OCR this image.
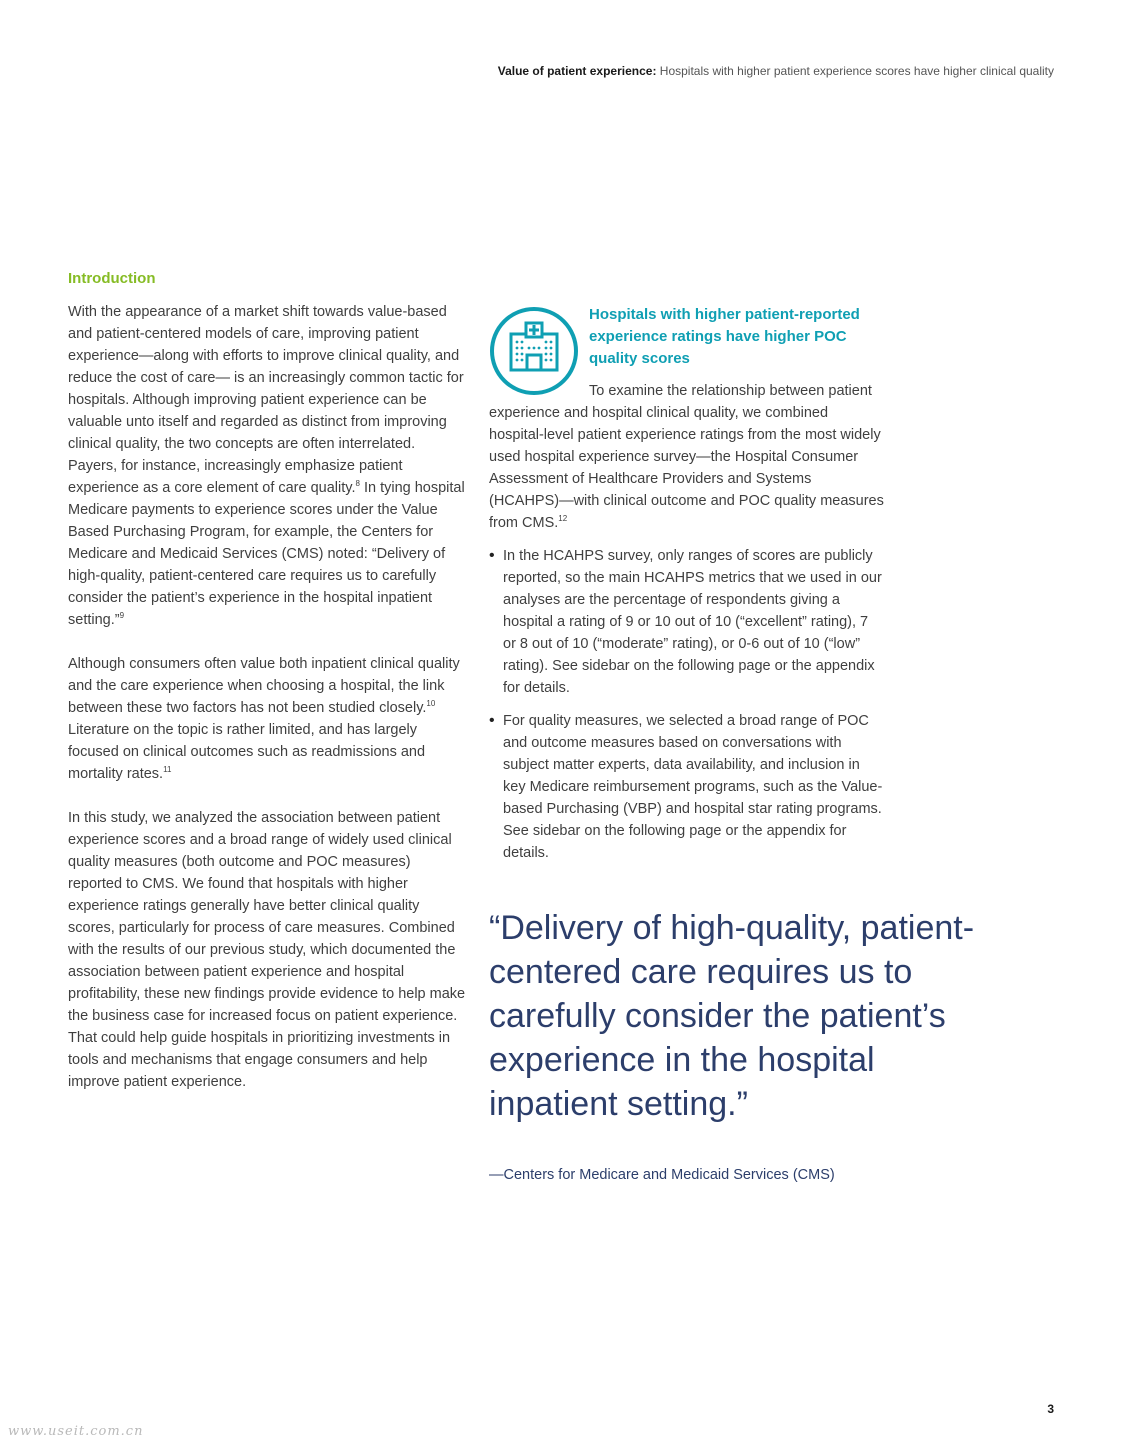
Value of patient experience: Hospitals with higher patient experience scores have higher clinical quality
Introduction

With the appearance of a market shift towards value-based and patient-centered models of care, improving patient experience—along with efforts to improve clinical quality, and reduce the cost of care— is an increasingly common tactic for hospitals. Although improving patient experience can be valuable unto itself and regarded as distinct from improving clinical quality, the two concepts are often interrelated. Payers, for instance, increasingly emphasize patient experience as a core element of care quality.$^8$ In tying hospital Medicare payments to experience scores under the Value Based Purchasing Program, for example, the Centers for Medicare and Medicaid Services (CMS) noted: “Delivery of high-quality, patient-centered care requires us to carefully consider the patient’s experience in the hospital inpatient setting.”$^9$

Although consumers often value both inpatient clinical quality and the care experience when choosing a hospital, the link between these two factors has not been studied closely.$^{10}$ Literature on the topic is rather limited, and has largely focused on clinical outcomes such as readmissions and mortality rates.$^{11}$

In this study, we analyzed the association between patient experience scores and a broad range of widely used clinical quality measures (both outcome and POC measures) reported to CMS. We found that hospitals with higher experience ratings generally have better clinical quality scores, particularly for process of care measures. Combined with the results of our previous study, which documented the association between patient experience and hospital profitability, these new findings provide evidence to help make the business case for increased focus on patient experience. That could help guide hospitals in prioritizing investments in tools and mechanisms that engage consumers and help improve patient experience.

Hospitals with higher patient-reported experience ratings have higher POC quality scores

To examine the relationship between patient experience and hospital clinical quality, we combined hospital-level patient experience ratings from the most widely used hospital experience survey—the Hospital Consumer Assessment of Healthcare Providers and Systems (HCAHPS)—with clinical outcome and POC quality measures from CMS.$^{12}$

• In the HCAHPS survey, only ranges of scores are publicly reported, so the main HCAHPS metrics that we used in our analyses are the percentage of respondents giving a hospital a rating of 9 or 10 out of 10 (“excellent” rating), 7 or 8 out of 10 (“moderate” rating), or 0-6 out of 10 (“low” rating). See sidebar on the following page or the appendix for details.
• For quality measures, we selected a broad range of POC and outcome measures based on conversations with subject matter experts, data availability, and inclusion in key Medicare reimbursement programs, such as the Value-based Purchasing (VBP) and hospital star rating programs. See sidebar on the following page or the appendix for details.
“Delivery of high-quality, patient-centered care requires us to carefully consider the patient’s experience in the hospital inpatient setting.”
—Centers for Medicare and Medicaid Services (CMS)
3
www.useit.com.cn
